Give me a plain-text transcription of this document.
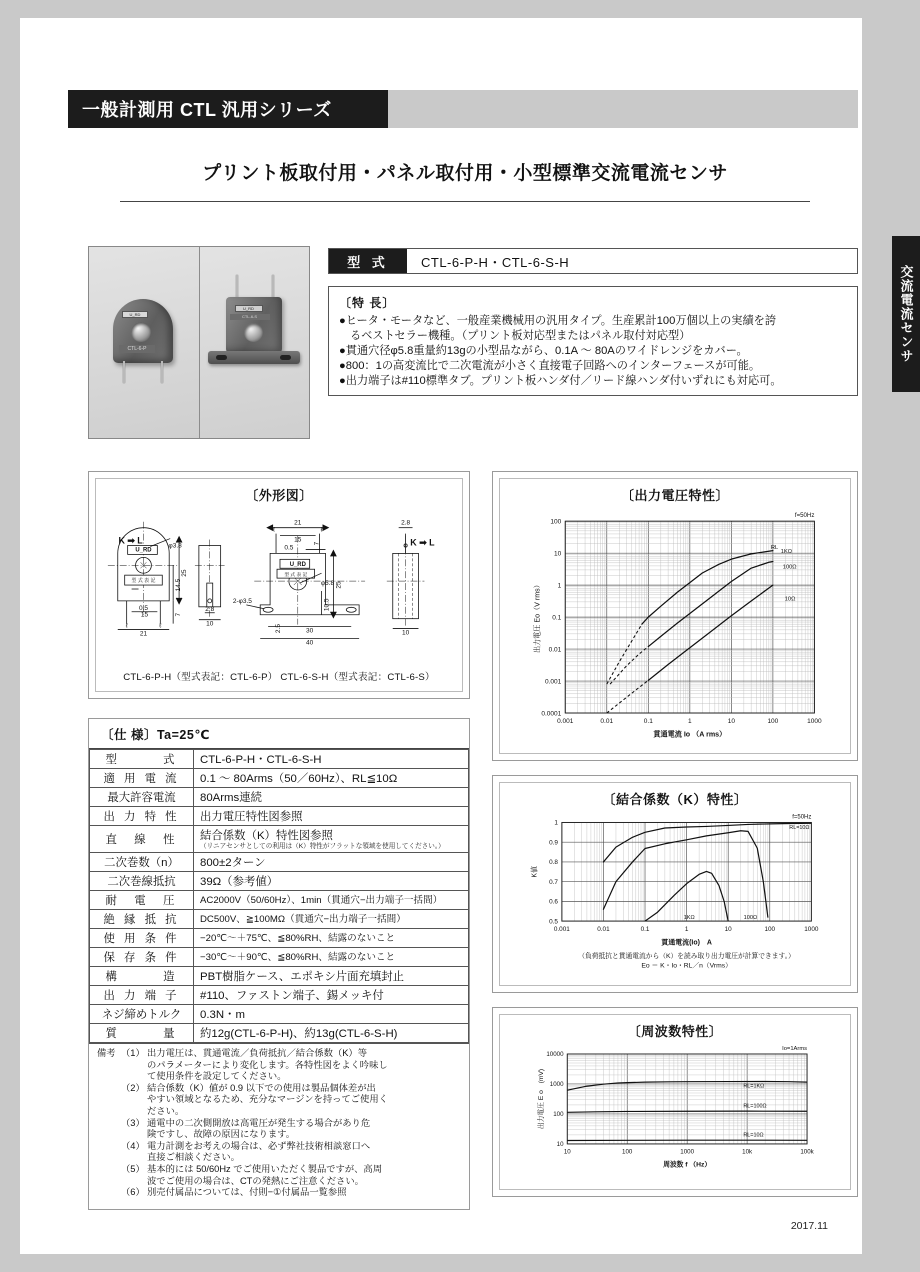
一般計測用 CTL 汎用シリーズ
プリント板取付用・パネル取付用・小型標準交流電流センサ
U_RD
CTL-6-P
U_RD
CTL-6-S
型 式	CTL-6-P-H・CTL-6-S-H
〔特 長〕
●ヒータ・モータなど、一般産業機械用の汎用タイプ。生産累計100万個以上の実績を誇
るベストセラー機種。（プリント板対応型またはパネル取付対応型）
●貫通穴径φ5.8重量約13gの小型品ながら、0.1A ～ 80Aのワイドレンジをカバー。
●800：1の高変流比で二次電流が小さく直接電子回路へのインターフェースが可能。
●出力端子は#110標準タブ。プリント板ハンダ付／リード線ハンダ付いずれにも対応可。
交流電流センサ
〔外形図〕
U_RD
型 式 表 記
U_RD
型 式 表 記
φ3.8
φ5.8
0.5
15
21
10
2.8
21
15
0.5
2-φ3.5
30
40
10
2.8
ℓ	ℓ
ℓ	ℓ
K ➡ L	K ➡ L
25
14.5
7
25
10.5
7
2.5
CTL-6-P-H（型式表記：CTL-6-P） CTL-6-S-H（型式表記：CTL-6-S）
〔仕 様〕Ta=25℃
型　　　式	CTL-6-P-H・CTL-6-S-H
適 用 電 流	0.1 ～ 80Arms（50／60Hz）、RL≦10Ω
最大許容電流	80Arms連続
出 力 特 性	出力電圧特性図参照
直　線　性	結合係数（K）特性図参照
（リニアセンサとしての利用は（K）特性がフラットな領域を使用してください。）

二次巻数（n）	800±2ターン
二次巻線抵抗	39Ω（参考値）
耐　電　圧	AC2000V（50/60Hz）、1min（貫通穴−出力端子一括間）

絶 縁 抵 抗	DC500V、≧100MΩ（貫通穴−出力端子一括間）

使 用 条 件	−20℃～＋75℃、≦80%RH、結露のないこと

保 存 条 件	−30℃～＋90℃、≦80%RH、結露のないこと

構　　　造	PBT樹脂ケース、エポキシ片面充填封止
出 力 端 子	#110、ファストン端子、錫メッキ付
ネジ締めトルク	0.3N・m
質　　　量	約12g(CTL-6-P-H)、約13g(CTL-6-S-H)
備考 （1） 出力電圧は、貫通電流／負荷抵抗／結合係数（K）等
のパラメーターにより変化します。各特性図をよく吟味し
て使用条件を設定してください。
（2） 結合係数（K）値が 0.9 以下での使用は製品個体差が出
やすい領域となるため、充分なマージンを持ってご使用く
ださい。
（3） 通電中の二次側開放は高電圧が発生する場合があり危
険ですし、故障の原因になります。
（4） 電力計測をお考えの場合は、必ず弊社技術相談窓口へ
直接ご相談ください。
（5） 基本的には 50/60Hz でご使用いただく製品ですが、高周
波でご使用の場合は、CTの発熱にご注意ください。
（6） 別売付属品については、付則−①付属品一覧参照
〔出力電圧特性〕
0.001	0.01	0.1	1	10	100	1000
0.0001
0.001
0.01
0.1
1
10
100
貫通電流 Io （A rms）
出力電圧 Eo（V rms）
f=50Hz
RL
1KΩ
100Ω
10Ω
〔結合係数（K）特性〕
0.001	0.01	0.1	1	10	100	1000
0.5
0.6
0.7
0.8
0.9
1
貫通電流(Io)　A
K値
f=50Hz
RL=10Ω
100Ω
1KΩ
（負荷抵抗と貫通電流から（K）を読み取り出力電圧が計算できます。）
Eo ＝ K・Io・RL／n（Vrms）
〔周波数特性〕
10	100	1000	10k	100k
10
100
1000
10000
周波数 f （Hz）
出力電圧 E o　(mV)
Io=1Arms
RL=1KΩ
RL=100Ω
RL=10Ω
2017.11
